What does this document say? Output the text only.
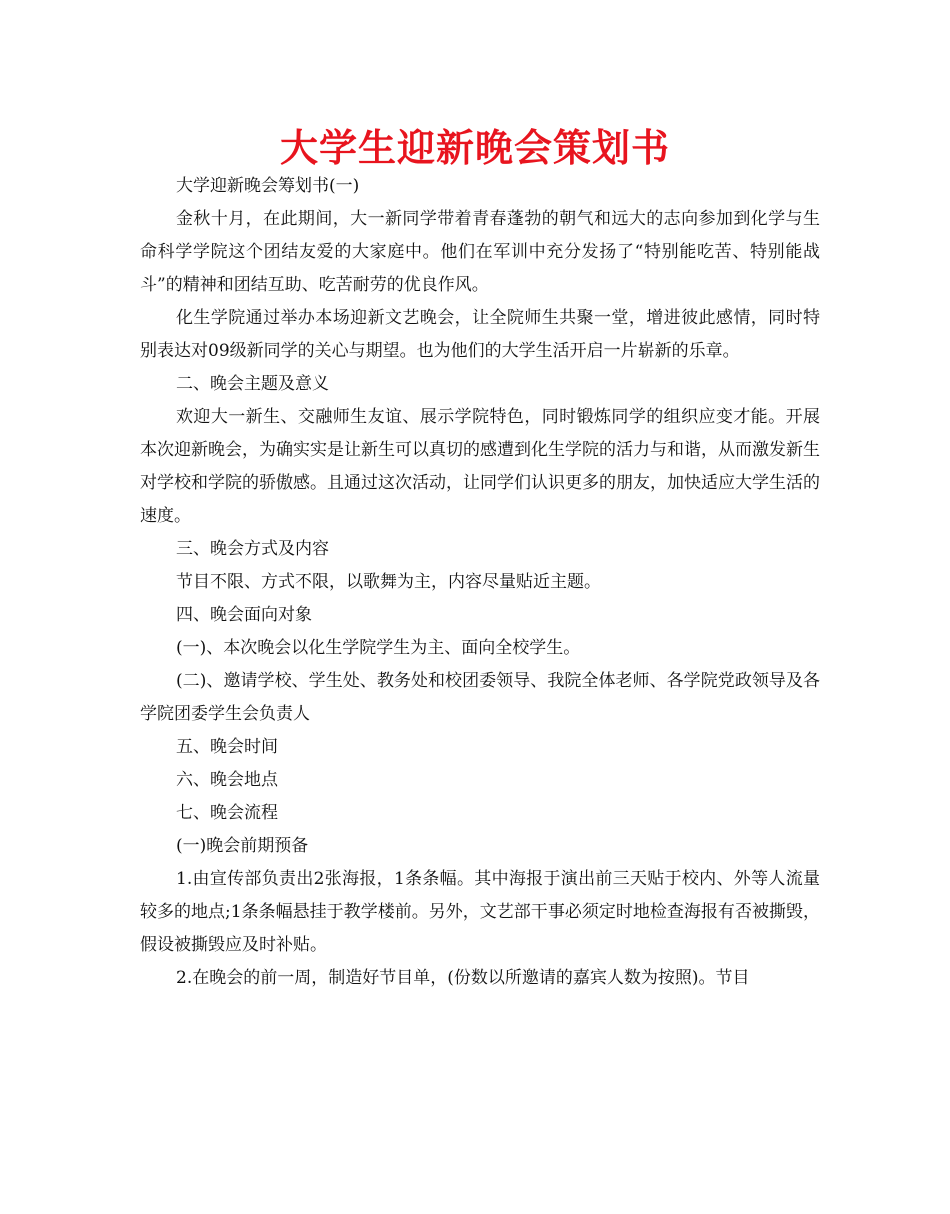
大学生迎新晚会策划书

大学迎新晚会筹划书(一)

金秋十月，在此期间，大一新同学带着青春蓬勃的朝气和远大的志向参加到化学与生命科学学院这个团结友爱的大家庭中。他们在军训中充分发扬了“特别能吃苦、特别能战斗”的精神和团结互助、吃苦耐劳的优良作风。

化生学院通过举办本场迎新文艺晚会，让全院师生共聚一堂，增进彼此感情，同时特别表达对09级新同学的关心与期望。也为他们的大学生活开启一片崭新的乐章。

二、晚会主题及意义

欢迎大一新生、交融师生友谊、展示学院特色，同时锻炼同学的组织应变才能。开展本次迎新晚会，为确实实是让新生可以真切的感遭到化生学院的活力与和谐，从而激发新生对学校和学院的骄傲感。且通过这次活动，让同学们认识更多的朋友，加快适应大学生活的速度。

三、晚会方式及内容

节目不限、方式不限，以歌舞为主，内容尽量贴近主题。

四、晚会面向对象

(一)、本次晚会以化生学院学生为主、面向全校学生。

(二)、邀请学校、学生处、教务处和校团委领导、我院全体老师、各学院党政领导及各学院团委学生会负责人

五、晚会时间

六、晚会地点

七、晚会流程

(一)晚会前期预备

1.由宣传部负责出2张海报，1条条幅。其中海报于演出前三天贴于校内、外等人流量较多的地点;1条条幅悬挂于教学楼前。另外，文艺部干事必须定时地检查海报有否被撕毁，假设被撕毁应及时补贴。

2.在晚会的前一周，制造好节目单，(份数以所邀请的嘉宾人数为按照)。节目
